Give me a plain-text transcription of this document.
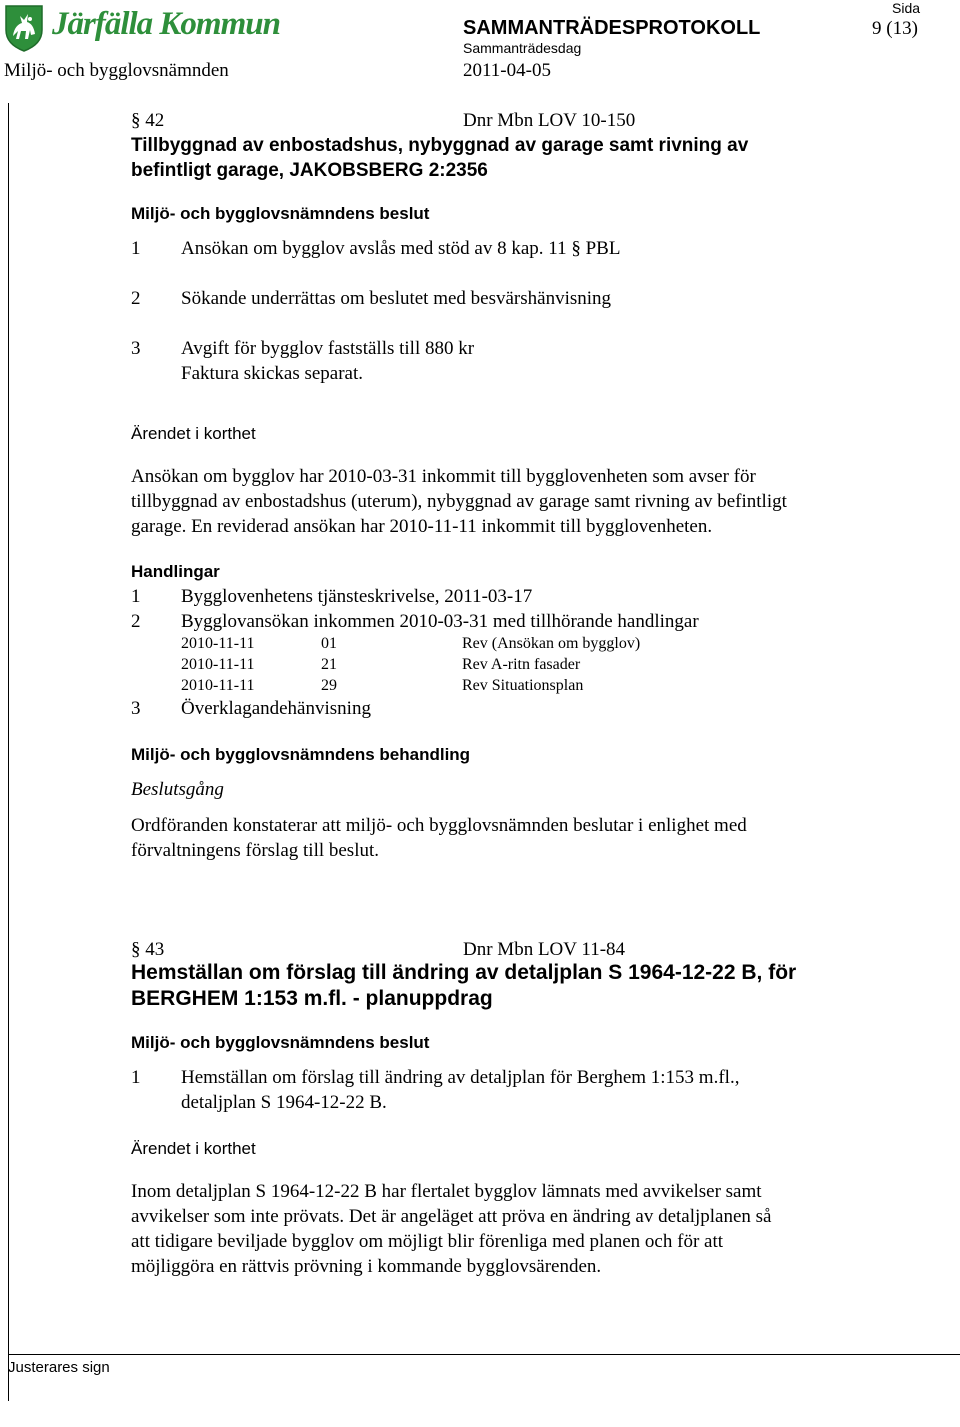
Järfälla Kommun	SAMMANTRÄDESPROTOKOLL
Sida
9 (13)
Sammanträdesdag
Miljö- och bygglovsnämnden	2011-04-05
§ 42	Dnr Mbn LOV 10-150
Tillbyggnad av enbostadshus, nybyggnad av garage samt rivning av
befintligt garage, JAKOBSBERG 2:2356
Miljö- och bygglovsnämndens beslut
1 Ansökan om bygglov avslås med stöd av 8 kap. 11 § PBL
2 Sökande underrättas om beslutet med besvärshänvisning
3 Avgift för bygglov fastställs till 880 kr
Faktura skickas separat.
Ärendet i korthet
Ansökan om bygglov har 2010-03-31 inkommit till bygglovenheten som avser för
tillbyggnad av enbostadshus (uterum), nybyggnad av garage samt rivning av befintligt
garage. En reviderad ansökan har 2010-11-11 inkommit till bygglovenheten.
Handlingar
1 Bygglovenhetens tjänsteskrivelse, 2011-03-17
2 Bygglovansökan inkommen 2010-03-31 med tillhörande handlingar
2010-11-11	01	Rev (Ansökan om bygglov)
2010-11-11	21	Rev A-ritn fasader
2010-11-11	29	Rev Situationsplan
3 Överklagandehänvisning
Miljö- och bygglovsnämndens behandling
Beslutsgång
Ordföranden konstaterar att miljö- och bygglovsnämnden beslutar i enlighet med
förvaltningens förslag till beslut.
§ 43	Dnr Mbn LOV 11-84
Hemställan om förslag till ändring av detaljplan S 1964-12-22 B, för
BERGHEM 1:153 m.fl. - planuppdrag
Miljö- och bygglovsnämndens beslut
1 Hemställan om förslag till ändring av detaljplan för Berghem 1:153 m.fl.,
detaljplan S 1964-12-22 B.
Ärendet i korthet
Inom detaljplan S 1964-12-22 B har flertalet bygglov lämnats med avvikelser samt
avvikelser som inte prövats. Det är angeläget att pröva en ändring av detaljplanen så
att tidigare beviljade bygglov om möjligt blir förenliga med planen och för att
möjliggöra en rättvis prövning i kommande bygglovsärenden.
Justerares sign
